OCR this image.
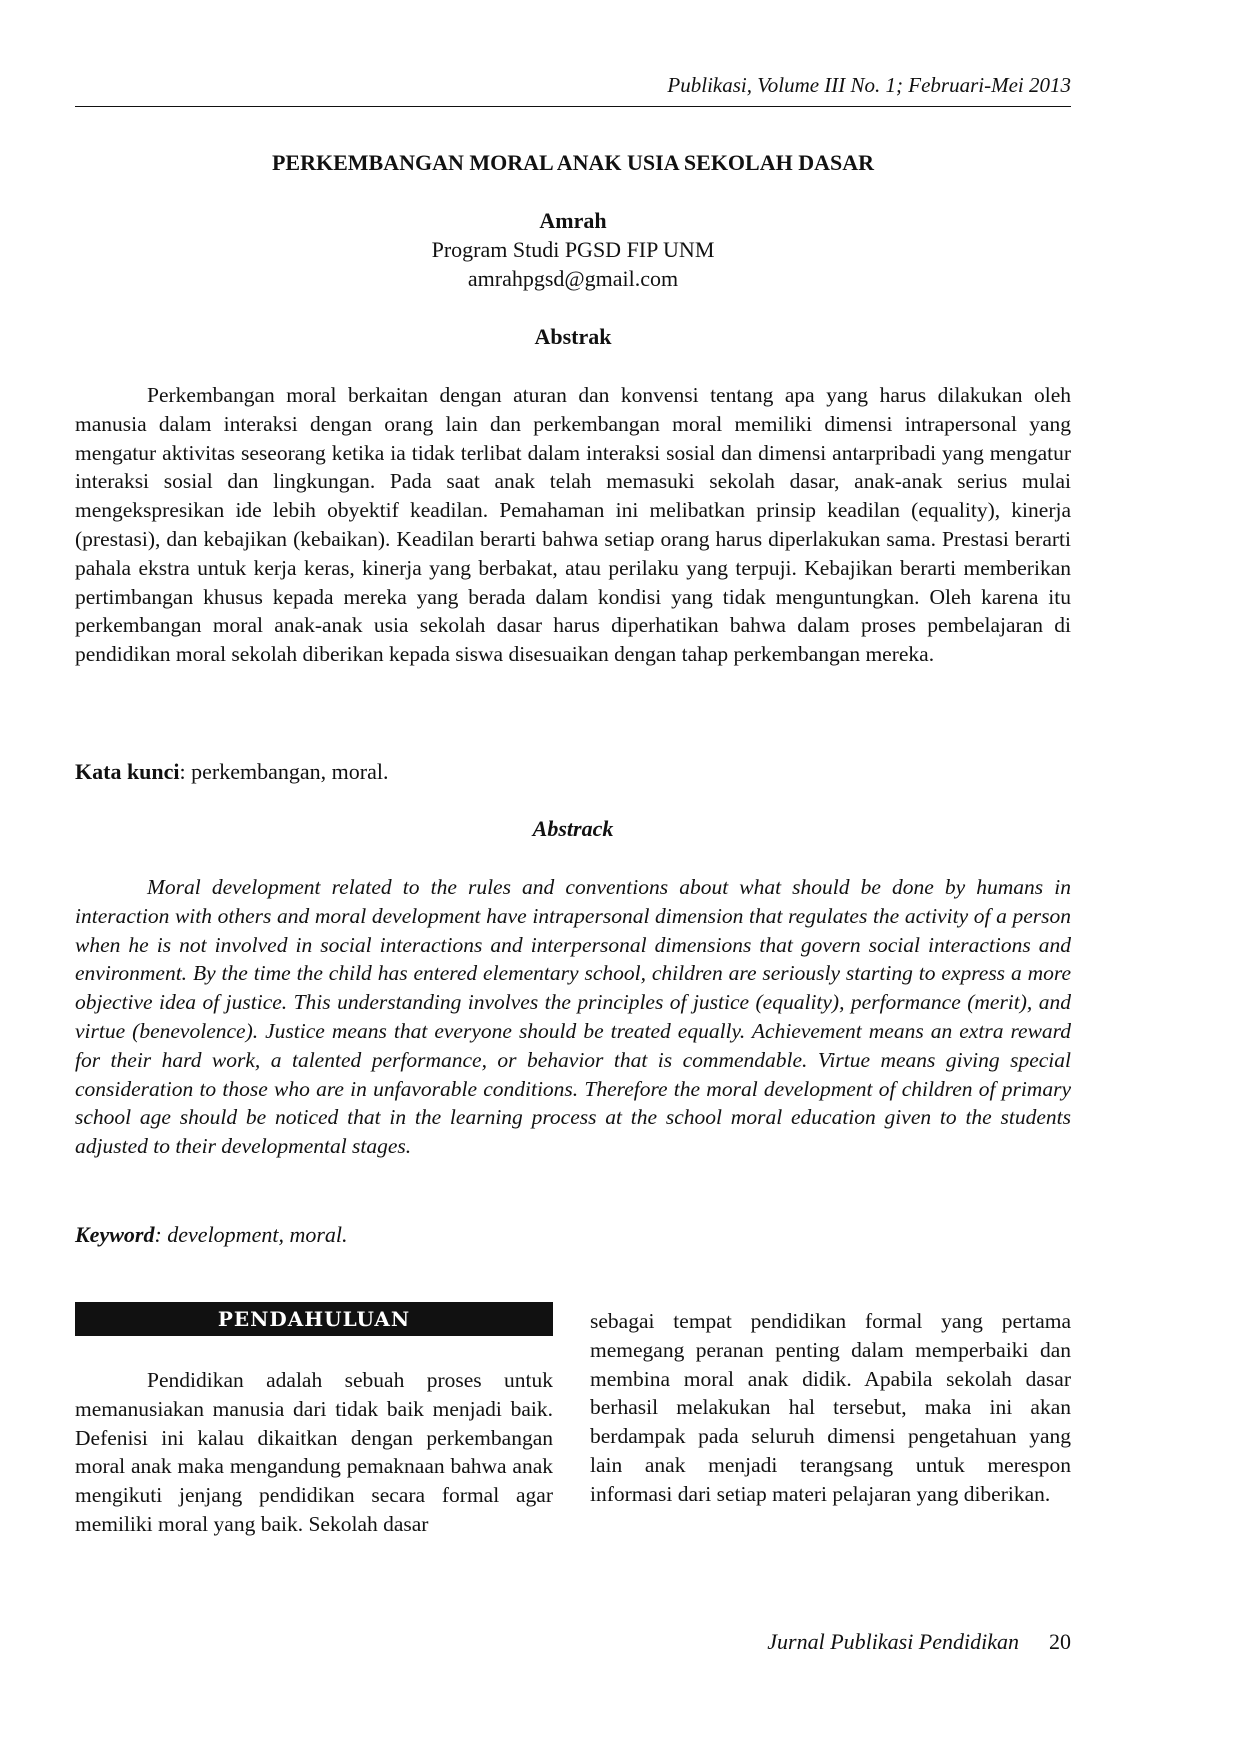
Publikasi, Volume III No. 1; Februari-Mei 2013
PERKEMBANGAN MORAL ANAK USIA SEKOLAH DASAR
Amrah
Program Studi PGSD FIP UNM
amrahpgsd@gmail.com
Abstrak

Perkembangan moral berkaitan dengan aturan dan konvensi tentang apa yang harus dilakukan oleh manusia dalam interaksi dengan orang lain dan perkembangan moral memiliki dimensi intrapersonal yang mengatur aktivitas seseorang ketika ia tidak terlibat dalam interaksi sosial dan dimensi antarpribadi yang mengatur interaksi sosial dan lingkungan. Pada saat anak telah memasuki sekolah dasar, anak-anak serius mulai mengekspresikan ide lebih obyektif keadilan. Pemahaman ini melibatkan prinsip keadilan (equality), kinerja (prestasi), dan kebajikan (kebaikan). Keadilan berarti bahwa setiap orang harus diperlakukan sama. Prestasi berarti pahala ekstra untuk kerja keras, kinerja yang berbakat, atau perilaku yang terpuji. Kebajikan berarti memberikan pertimbangan khusus kepada mereka yang berada dalam kondisi yang tidak menguntungkan. Oleh karena itu perkembangan moral anak-anak usia sekolah dasar harus diperhatikan bahwa dalam proses pembelajaran di pendidikan moral sekolah diberikan kepada siswa disesuaikan dengan tahap perkembangan mereka.

Kata kunci: perkembangan, moral.
Abstrack

Moral development related to the rules and conventions about what should be done by humans in interaction with others and moral development have intrapersonal dimension that regulates the activity of a person when he is not involved in social interactions and interpersonal dimensions that govern social interactions and environment. By the time the child has entered elementary school, children are seriously starting to express a more objective idea of justice. This understanding involves the principles of justice (equality), performance (merit), and virtue (benevolence). Justice means that everyone should be treated equally. Achievement means an extra reward for their hard work, a talented performance, or behavior that is commendable. Virtue means giving special consideration to those who are in unfavorable conditions. Therefore the moral development of children of primary school age should be noticed that in the learning process at the school moral education given to the students adjusted to their developmental stages.

Keyword: development, moral.
PENDAHULUAN

Pendidikan adalah sebuah proses untuk memanusiakan manusia dari tidak baik menjadi baik. Defenisi ini kalau dikaitkan dengan perkembangan moral anak maka mengandung pemaknaan bahwa anak mengikuti jenjang pendidikan secara formal agar memiliki moral yang baik. Sekolah dasar

sebagai tempat pendidikan formal yang pertama memegang peranan penting dalam memperbaiki dan membina moral anak didik. Apabila sekolah dasar berhasil melakukan hal tersebut, maka ini akan berdampak pada seluruh dimensi pengetahuan yang lain anak menjadi terangsang untuk merespon informasi dari setiap materi pelajaran yang diberikan.

Jurnal Publikasi Pendidikan 20
